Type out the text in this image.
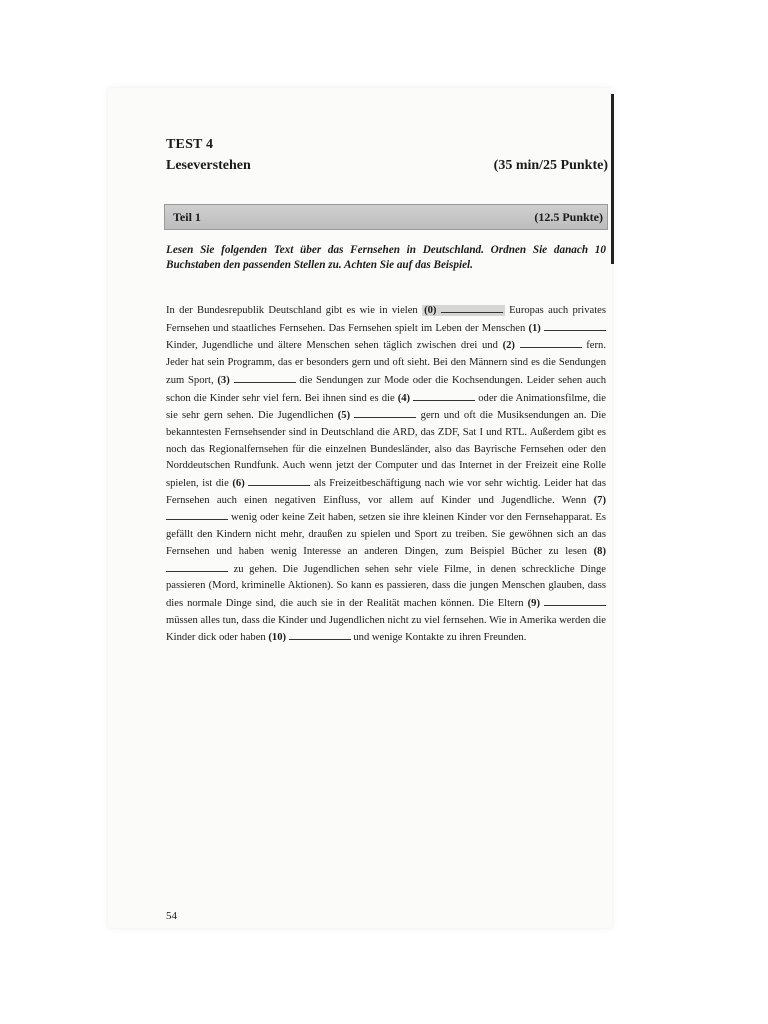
TEST 4
Leseverstehen	(35 min/25 Punkte)
Teil 1	(12.5 Punkte)
Lesen Sie folgenden Text über das Fernsehen in Deutschland. Ordnen Sie danach 10 Buchstaben den passenden Stellen zu. Achten Sie auf das Beispiel.
In der Bundesrepublik Deutschland gibt es wie in vielen (0)	Europas auch privates Fernsehen und staatliches Fernsehen. Das Fernsehen spielt im Leben der Menschen (1)  Kinder, Jugendliche und ältere Menschen sehen täglich zwischen drei und (2)	fern. Jeder hat sein Programm, das er besonders gern und oft sieht. Bei den Männern sind es die Sendungen zum Sport, (3)	die Sendungen zur Mode oder die Kochsendungen. Leider sehen auch schon die Kinder sehr viel fern. Bei ihnen sind es die (4)	oder die Animationsfilme, die sie sehr gern sehen. Die Jugendlichen (5)	gern und oft die Musiksendungen an. Die bekanntesten Fernsehsender sind in Deutschland die ARD, das ZDF, Sat I und RTL. Außerdem gibt es noch das Regionalfernsehen für die einzelnen Bundesländer, also das Bayrische Fernsehen oder den Norddeutschen Rundfunk. Auch wenn jetzt der Computer und das Internet in der Freizeit eine Rolle spielen, ist die (6)	als Freizeitbeschäftigung nach wie vor sehr wichtig. Leider hat das Fernsehen auch einen negativen Einfluss, vor allem auf Kinder und Jugendliche. Wenn (7)  wenig oder keine Zeit haben, setzen sie ihre kleinen Kinder vor den Fernsehapparat. Es gefällt den Kindern nicht mehr, draußen zu spielen und Sport zu treiben. Sie gewöhnen sich an das Fernsehen und haben wenig Interesse an anderen Dingen, zum Beispiel Bücher zu lesen (8)  zu gehen. Die Jugendlichen sehen sehr viele Filme, in denen schreckliche Dinge passieren (Mord, kriminelle Aktionen). So kann es passieren, dass die jungen Menschen glauben, dass dies normale Dinge sind, die auch sie in der Realität machen können. Die Eltern (9)  müssen alles tun, dass die Kinder und Jugendlichen nicht zu viel fernsehen. Wie in Amerika werden die Kinder dick oder haben (10)	und wenige Kontakte zu ihren Freunden.
54
